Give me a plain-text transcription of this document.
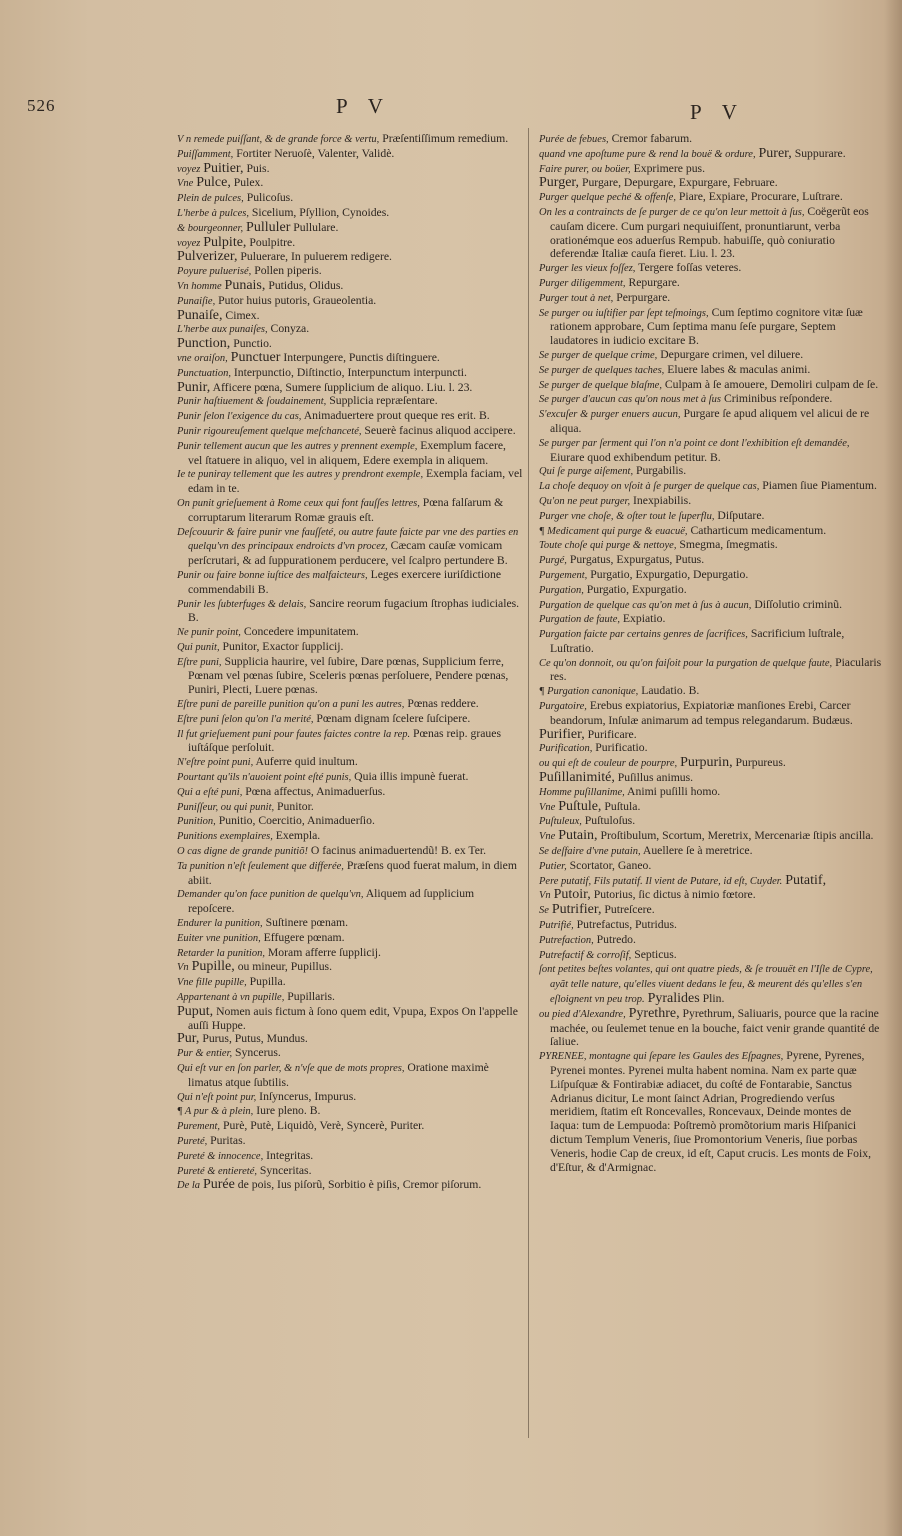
526	P V	P V

V n remede puiſſant, & de grande force & vertu, Præſentiſſimum remedium.

Puiſſamment, Fortiter Neruoſè, Valenter, Validè.

voyez Puitier, Puis.

Vne Pulce, Pulex.

Plein de pulces, Pulicoſus.

L'herbe à pulces, Sicelium, Pſyllion, Cynoides.

& bourgeonner, Pulluler Pullulare.

voyez Pulpite, Poulpitre.

Pulverizer, Puluerare, In puluerem redigere.

Poyure puluerisé, Pollen piperis.

Vn homme Punais, Putidus, Olidus.

Punaiſie, Putor huius putoris, Graueolentia.

Punaiſe, Cimex.

L'herbe aux punaiſes, Conyza.

Punction, Punctio.

vne oraiſon, Punctuer Interpungere, Punctis diſtinguere.

Punctuation, Interpunctio, Diſtinctio, Interpunctum interpuncti.

Punir, Afficere pœna, Sumere ſupplicium de aliquo. Liu. l. 23.

Punir haſtiuement & ſoudainement, Supplicia repræſentare.

Punir ſelon l'exigence du cas, Animaduertere prout queque res erit. B.

Punir rigoureuſement quelque meſchanceté, Seuerè facinus aliquod accipere.

Punir tellement aucun que les autres y prennent exemple, Exemplum facere, vel ſtatuere in aliquo, vel in aliquem, Edere exempla in aliquem.

Ie te puniray tellement que les autres y prendront exemple, Exempla faciam, vel edam in te.

On punit grieſuement à Rome ceux qui font fauſſes lettres, Pœna falſarum & corruptarum literarum Romæ grauis eſt.

Deſcouurir & faire punir vne fauſſeté, ou autre faute faicte par vne des parties en quelqu'vn des principaux endroicts d'vn procez, Cæcam cauſæ vomicam perſcrutari, & ad ſuppurationem perducere, vel ſcalpro pertundere B.

Punir ou faire bonne iuſtice des malfaicteurs, Leges exercere iuriſdictione commendabili B.

Punir les ſubterfuges & delais, Sancire reorum fugacium ſtrophas iudiciales. B.

Ne punir point, Concedere impunitatem.

Qui punit, Punitor, Exactor ſupplicij.

Eſtre puni, Supplicia haurire, vel ſubire, Dare pœnas, Supplicium ferre, Pœnam vel pœnas ſubire, Sceleris pœnas perſoluere, Pendere pœnas, Puniri, Plecti, Luere pœnas.

Eſtre puni de pareille punition qu'on a puni les autres, Pœnas reddere.

Eſtre puni ſelon qu'on l'a merité, Pœnam dignam ſcelere ſuſcipere.

Il fut grieſuement puni pour fautes faictes contre la rep. Pœnas reip. graues iuſtáſque perſoluit.

N'eſtre point puni, Auferre quid inultum.

Pourtant qu'ils n'auoient point eſté punis, Quia illis impunè fuerat.

Qui a eſté puni, Pœna affectus, Animaduerſus.

Puniſſeur, ou qui punit, Punitor.

Punition, Punitio, Coercitio, Animaduerſio.

Punitions exemplaires, Exempla.

O cas digne de grande punitiõ! O facinus animaduertendũ! B. ex Ter.

Ta punition n'eſt ſeulement que differée, Præſens quod fuerat malum, in diem abiit.

Demander qu'on face punition de quelqu'vn, Aliquem ad ſupplicium repoſcere.

Endurer la punition, Suſtinere pœnam.

Euiter vne punition, Effugere pœnam.

Retarder la punition, Moram afferre ſupplicij.

Vn Pupille, ou mineur, Pupillus.

Vne fille pupille, Pupilla.

Appartenant à vn pupille, Pupillaris.

Puput, Nomen auis fictum à ſono quem edit, Vpupa, Expos On l'appelle auſſi Huppe.

Pur, Purus, Putus, Mundus.

Pur & entier, Syncerus.

Qui eſt vur en ſon parler, & n'vſe que de mots propres, Oratione maximè limatus atque ſubtilis.

Qui n'eſt point pur, Inſyncerus, Impurus.

¶ A pur & à plein, Iure pleno. B.

Purement, Purè, Putè, Liquidò, Verè, Syncerè, Puriter.

Pureté, Puritas.

Pureté & innocence, Integritas.

Pureté & entiereté, Synceritas.

De la Purée de pois, Ius piſorũ, Sorbitio è piſis, Cremor piſorum.

Purée de febues, Cremor fabarum.

quand vne apoſtume pure & rend la bouë & ordure, Purer, Suppurare.

Faire purer, ou boüer, Exprimere pus.

Purger, Purgare, Depurgare, Expurgare, Februare.

Purger quelque peché & offenſe, Piare, Expiare, Procurare, Luſtrare.

On les a contraincts de ſe purger de ce qu'on leur mettoit à ſus, Coëgerũt eos cauſam dicere. Cum purgari nequiuiſſent, pronuntiarunt, verba orationémque eos aduerſus Rempub. habuiſſe, quò coniuratio deferendæ Italiæ cauſa fieret. Liu. l. 23.

Purger les vieux foſſez, Tergere foſſas veteres.

Purger diligemment, Repurgare.

Purger tout à net, Perpurgare.

Se purger ou iuſtifier par ſept teſmoings, Cum ſeptimo cognitore vitæ ſuæ rationem approbare, Cum ſeptima manu ſeſe purgare, Septem laudatores in iudicio excitare B.

Se purger de quelque crime, Depurgare crimen, vel diluere.

Se purger de quelques taches, Eluere labes & maculas animi.

Se purger de quelque blaſme, Culpam à ſe amouere, Demoliri culpam de ſe.

Se purger d'aucun cas qu'on nous met à ſus Criminibus reſpondere.

S'excuſer & purger enuers aucun, Purgare ſe apud aliquem vel alicui de re aliqua.

Se purger par ſerment qui l'on n'a point ce dont l'exhibition eſt demandée, Eiurare quod exhibendum petitur. B.

Qui ſe purge aiſement, Purgabilis.

La choſe dequoy on vſoit à ſe purger de quelque cas, Piamen ſiue Piamentum.

Qu'on ne peut purger, Inexpiabilis.

Purger vne choſe, & oſter tout le ſuperflu, Diſputare.

¶ Medicament qui purge & euacuë, Catharticum medicamentum.

Toute choſe qui purge & nettoye, Smegma, ſmegmatis.

Purgé, Purgatus, Expurgatus, Putus.

Purgement, Purgatio, Expurgatio, Depurgatio.

Purgation, Purgatio, Expurgatio.

Purgation de quelque cas qu'on met à ſus à aucun, Diſſolutio criminũ.

Purgation de faute, Expiatio.

Purgation faicte par certains genres de ſacrifices, Sacrificium luſtrale, Luſtratio.

Ce qu'on donnoit, ou qu'on faiſoit pour la purgation de quelque faute, Piacularis res.

¶ Purgation canonique, Laudatio. B.

Purgatoire, Erebus expiatorius, Expiatoriæ manſiones Erebi, Carcer beandorum, Inſulæ animarum ad tempus relegandarum. Budæus.

Purifier, Purificare.

Purification, Purificatio.

ou qui eſt de couleur de pourpre, Purpurin, Purpureus.

Puſillanimité, Puſillus animus.

Homme puſillanime, Animi puſilli homo.

Vne Puſtule, Puſtula.

Puſtuleux, Puſtuloſus.

Vne Putain, Proſtibulum, Scortum, Meretrix, Mercenariæ ſtipis ancilla.

Se deſfaire d'vne putain, Auellere ſe à meretrice.

Putier, Scortator, Ganeo.

Pere putatif, Fils putatif. Il vient de Putare, id eſt, Cuyder. Putatif,

Vn Putoir, Putorius, ſic dictus à nimio fœtore.

Se Putrifier, Putreſcere.

Putrifié, Putrefactus, Putridus.

Putrefaction, Putredo.

Putrefactif & corroſif, Septicus.

ſont petites beſtes volantes, qui ont quatre pieds, & ſe trouuët en l'Iſle de Cypre, ayãt telle nature, qu'elles viuent dedans le feu, & meurent dés qu'elles s'en eſloignent vn peu trop. Pyralides Plin.

ou pied d'Alexandre, Pyrethre, Pyrethrum, Saliuaris, pource que la racine machée, ou ſeulemet tenue en la bouche, faict venir grande quantité de ſaliue.

PYRENEE, montagne qui ſepare les Gaules des Eſpagnes, Pyrene, Pyrenes, Pyrenei montes. Pyrenei multa habent nomina. Nam ex parte quæ Liſpuſquæ & Fontirabiæ adiacet, du coſté de Fontarabie, Sanctus Adrianus dicitur, Le mont ſainct Adrian, Progrediendo verſus meridiem, ſtatim eſt Roncevalles, Roncevaux, Deinde montes de Iaqua: tum de Lempuoda: Poſtremò promõtorium maris Hiſpanici dictum Templum Veneris, ſiue Promontorium Veneris, ſiue porbas Veneris, hodie Cap de creux, id eſt, Caput crucis. Les monts de Foix, d'Eſtur, & d'Armignac.
